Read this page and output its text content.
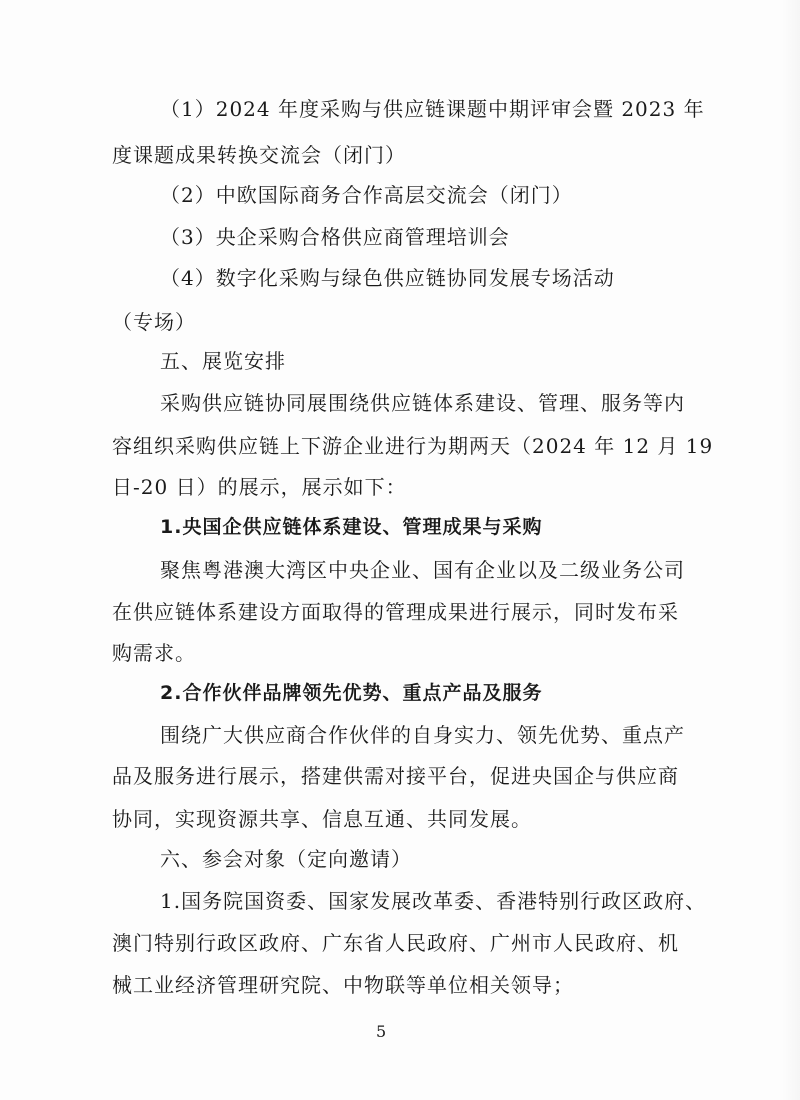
（1）2024 年度采购与供应链课题中期评审会暨 2023 年
度课题成果转换交流会（闭门）
（2）中欧国际商务合作高层交流会（闭门）
（3）央企采购合格供应商管理培训会
（4）数字化采购与绿色供应链协同发展专场活动
（专场）
五、展览安排
采购供应链协同展围绕供应链体系建设、管理、服务等内
容组织采购供应链上下游企业进行为期两天（2024 年 12 月 19
日-20 日）的展示，展示如下：
1.央国企供应链体系建设、管理成果与采购
聚焦粤港澳大湾区中央企业、国有企业以及二级业务公司
在供应链体系建设方面取得的管理成果进行展示，同时发布采
购需求。
2.合作伙伴品牌领先优势、重点产品及服务
围绕广大供应商合作伙伴的自身实力、领先优势、重点产
品及服务进行展示，搭建供需对接平台，促进央国企与供应商
协同，实现资源共享、信息互通、共同发展。
六、参会对象（定向邀请）
1.国务院国资委、国家发展改革委、香港特别行政区政府、
澳门特别行政区政府、广东省人民政府、广州市人民政府、机
械工业经济管理研究院、中物联等单位相关领导；
5
